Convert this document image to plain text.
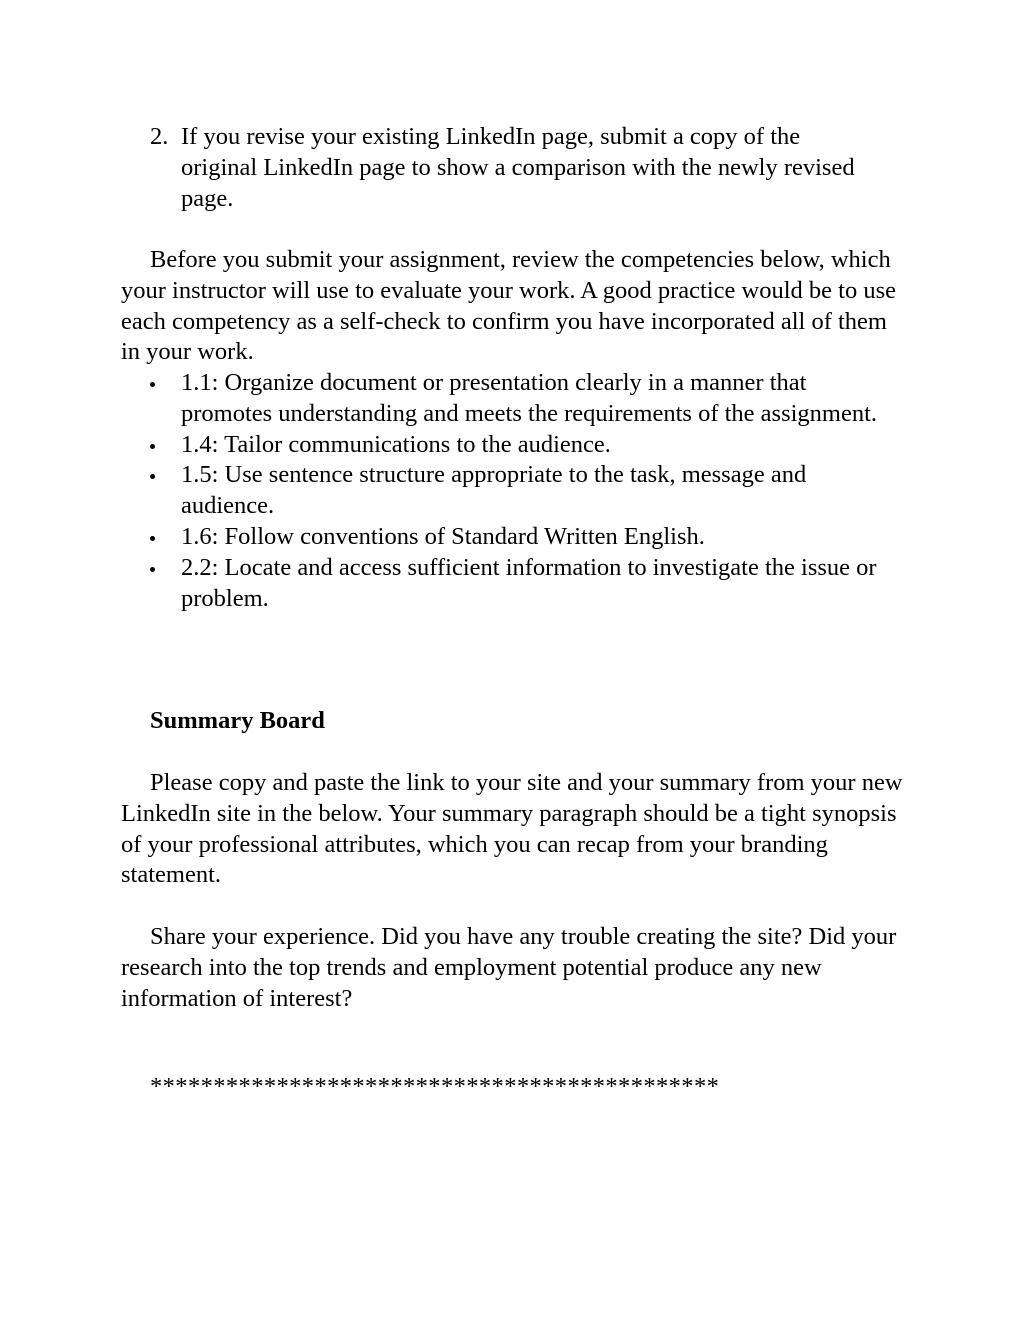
2. If you revise your existing LinkedIn page, submit a copy of the original LinkedIn page to show a comparison with the newly revised page.

Before you submit your assignment, review the competencies below, which your instructor will use to evaluate your work. A good practice would be to use each competency as a self-check to confirm you have incorporated all of them in your work.

1.1: Organize document or presentation clearly in a manner that promotes understanding and meets the requirements of the assignment.
1.4: Tailor communications to the audience.
1.5: Use sentence structure appropriate to the task, message and audience.
1.6: Follow conventions of Standard Written English.
2.2: Locate and access sufficient information to investigate the issue or problem.

Summary Board

Please copy and paste the link to your site and your summary from your new LinkedIn site in the below. Your summary paragraph should be a tight synopsis of your professional attributes, which you can recap from your branding statement.

Share your experience. Did you have any trouble creating the site? Did your research into the top trends and employment potential produce any new information of interest?

*********************************************
